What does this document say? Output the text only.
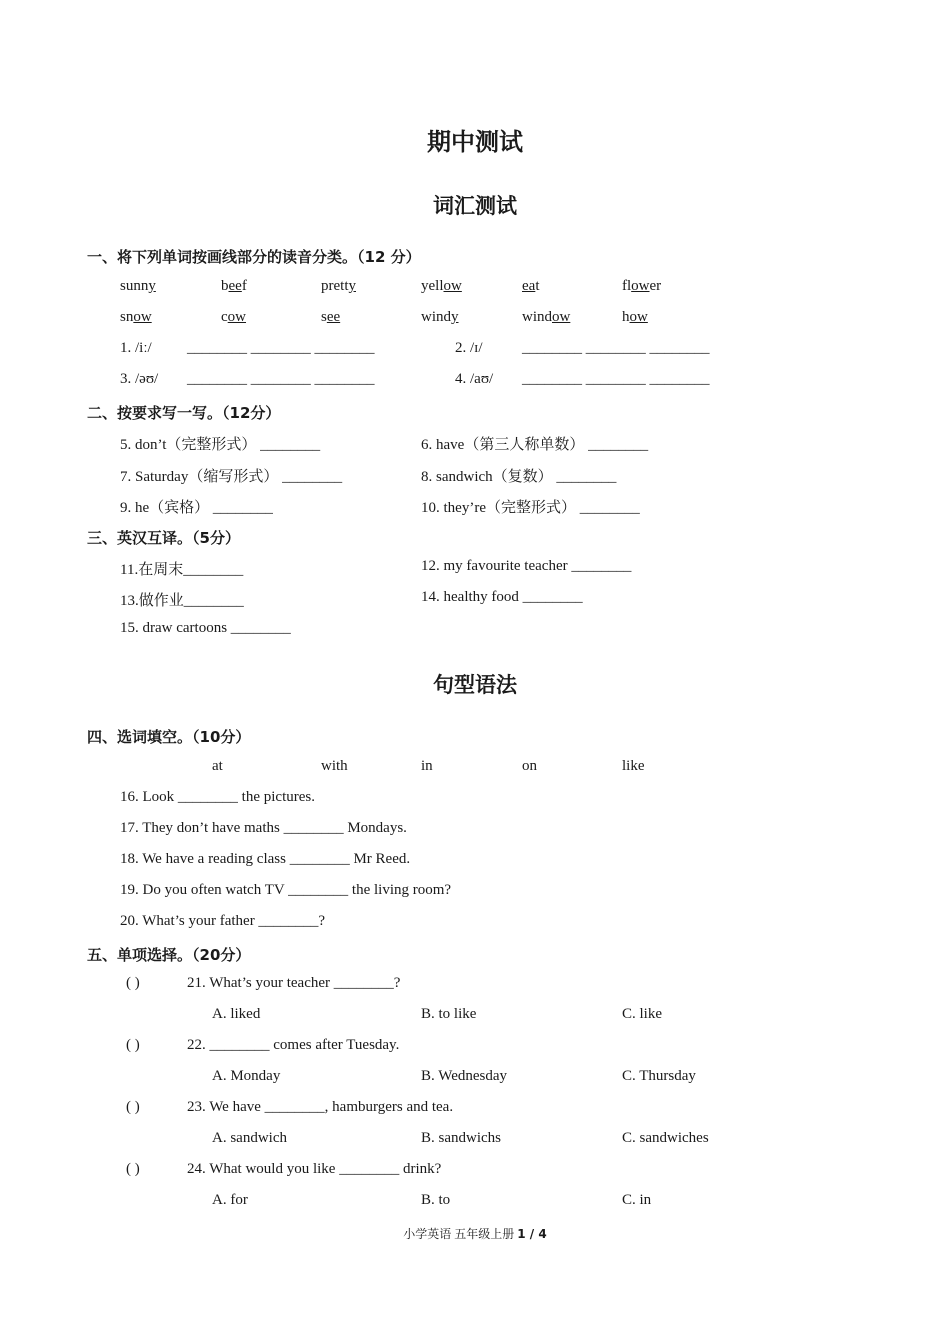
期中测试
词汇测试
一、将下列单词按画线部分的读音分类。（12 分）
sunny	beef	pretty	yellow	eat	flower
snow	cow	see	windy	window	how
1. /iː/ ________ ________ ________	2. /ɪ/	________ ________ ________
3. /əʊ/ ________ ________ ________	4. /aʊ/ ________ ________ ________
二、按要求写一写。（12分）
5. don’t（完整形式） ________	6. have（第三人称单数） ________
7. Saturday（缩写形式） ________	8. sandwich（复数） ________
9. he（宾格） ________	10. they’re（完整形式） ________
三、英汉互译。（5分）
11.在周末________	12. my favourite teacher ________
13.做作业________	14. healthy food ________
15. draw cartoons ________
句型语法
四、选词填空。（10分）
at	with	in	on	like
16. Look ________ the pictures.
17. They don’t have maths ________ Mondays.
18. We have a reading class ________ Mr Reed.
19. Do you often watch TV ________ the living room?
20. What’s your father ________?
五、单项选择。（20分）
( )	21. What’s your teacher ________?
A. liked	B. to like	C. like
( )	22. ________ comes after Tuesday.
A. Monday	B. Wednesday	C. Thursday
( )	23. We have ________, hamburgers and tea.
A. sandwich	B. sandwichs	C. sandwiches
( )	24. What would you like ________ drink?
A. for	B. to	C. in
小学英语 五年级上册 1 / 4
